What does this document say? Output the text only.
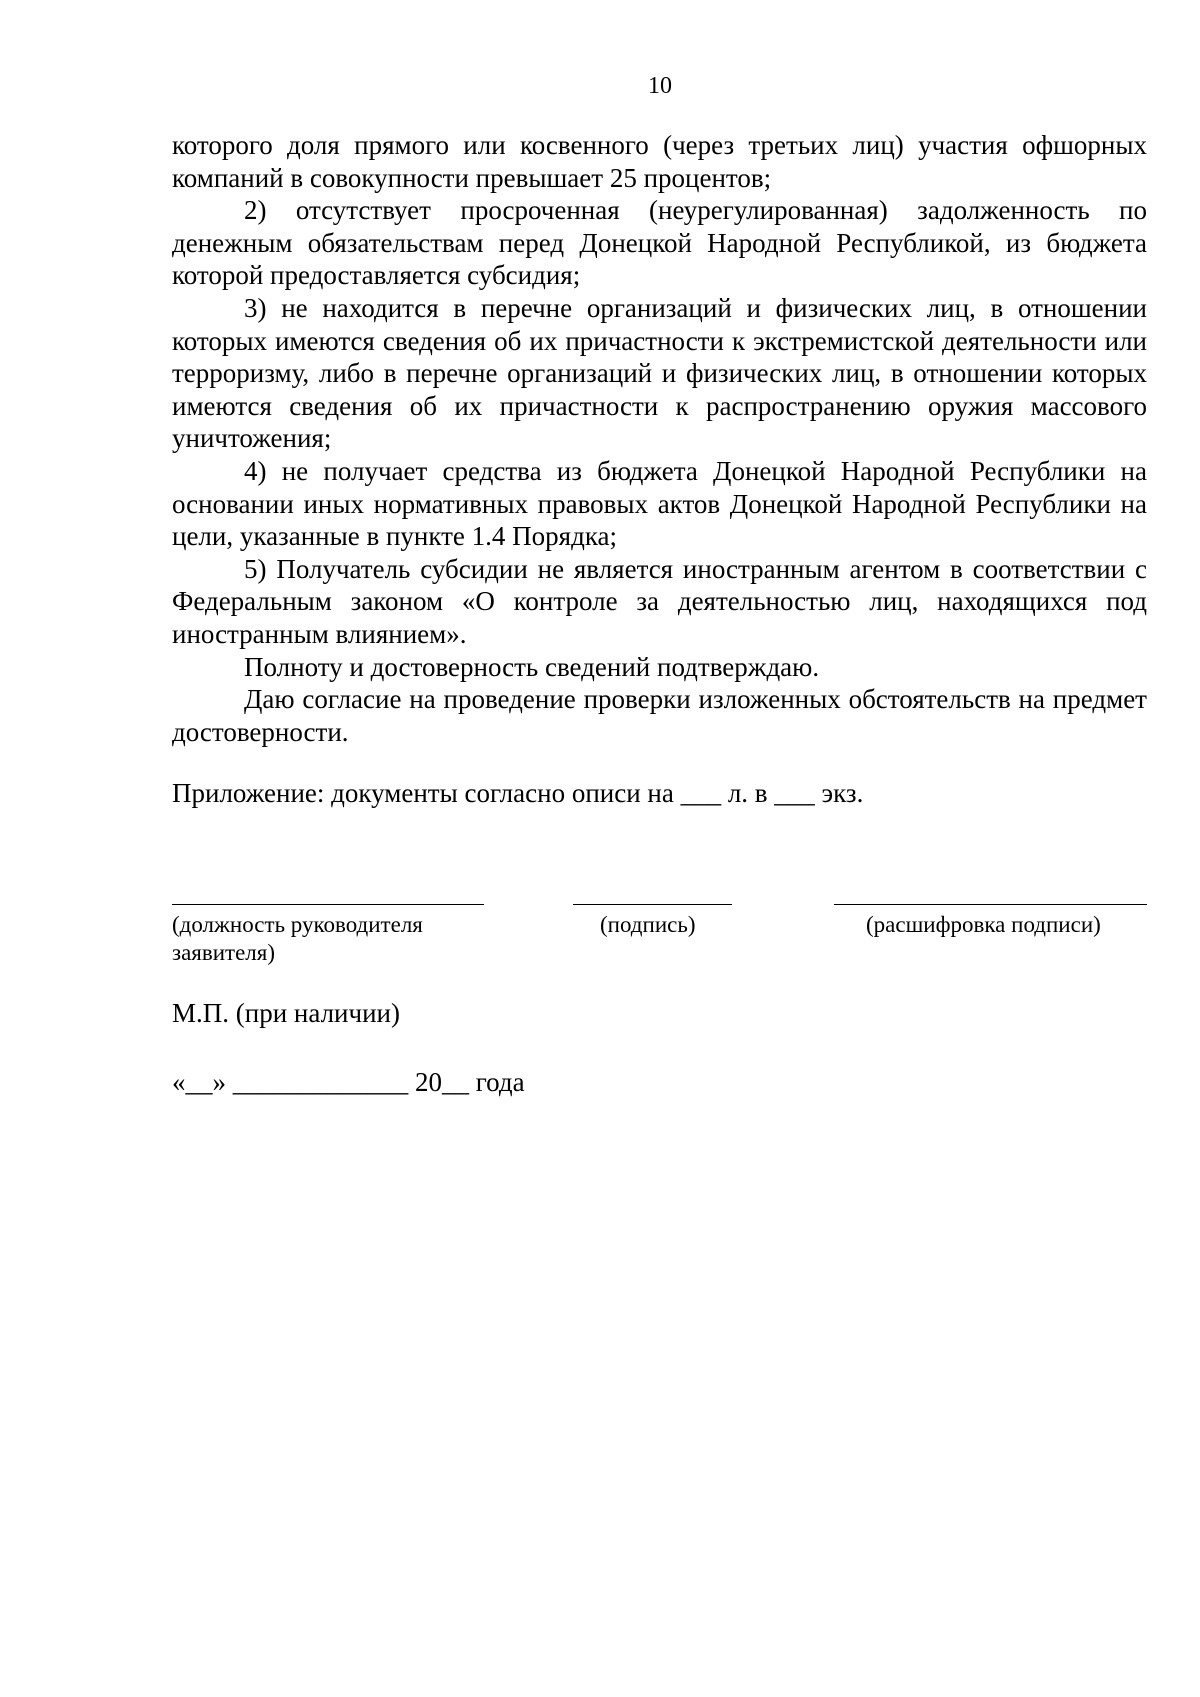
10

которого доля прямого или косвенного (через третьих лиц) участия офшорных компаний в совокупности превышает 25 процентов;

2) отсутствует просроченная (неурегулированная) задолженность по денежным обязательствам перед Донецкой Народной Республикой, из бюджета которой предоставляется субсидия;

3) не находится в перечне организаций и физических лиц, в отношении которых имеются сведения об их причастности к экстремистской деятельности или терроризму, либо в перечне организаций и физических лиц, в отношении которых имеются сведения об их причастности к распространению оружия массового уничтожения;

4) не получает средства из бюджета Донецкой Народной Республики на основании иных нормативных правовых актов Донецкой Народной Республики на цели, указанные в пункте 1.4 Порядка;

5) Получатель субсидии не является иностранным агентом в соответствии с Федеральным законом «О контроле за деятельностью лиц, находящихся под иностранным влиянием».

Полноту и достоверность сведений подтверждаю.

Даю согласие на проведение проверки изложенных обстоятельств на предмет достоверности.

Приложение: документы согласно описи на ___ л. в ___ экз.
(должность руководителя заявителя)
(подпись)	(расшифровка подписи)
М.П. (при наличии)
«__» _____________ 20__ года
